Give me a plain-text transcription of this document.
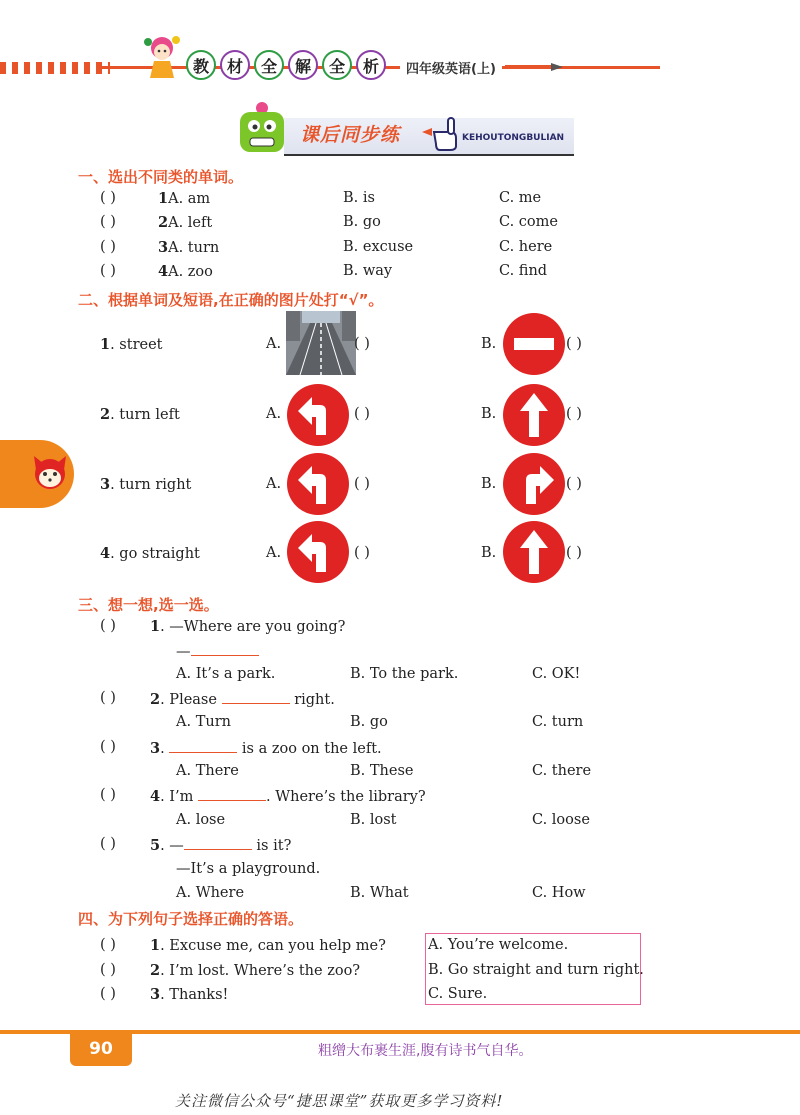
教	材	全	解	全	析	四年级英语(上)
课后同步练	KEHOUTONGBULIAN
一、选出不同类的单词。
( )	1A. am	B. is	C. me
( )	2A. left	B. go	C. come
( )	3A. turn	B. excuse	C. here
( )	4A. zoo	B. way	C. find
二、根据单词及短语,在正确的图片处打“√”。
1. street	A.	( )	B.	( )
2. turn left	A.	( )	B.	( )
3. turn right	A.	( )	B.	( )
4. go straight	A.	( )	B.	( )
三、想一想,选一选。
( ) 1. —Where are you going?
—
A. It’s a park.	B. To the park.	C. OK!
( ) 2. Please	right.
A. Turn	B. go	C. turn
( ) 3.	is a zoo on the left.
A. There	B. These	C. there
( ) 4. I’m	. Where’s the library?
A. lose	B. lost	C. loose
( ) 5. —	is it?
—It’s a playground.
A. Where	B. What	C. How
四、为下列句子选择正确的答语。
( ) 1. Excuse me, can you help me?
( ) 2. I’m lost. Where’s the zoo?
( ) 3. Thanks!
A. You’re welcome.
B. Go straight and turn right.
C. Sure.
90	粗缯大布裹生涯,腹有诗书气自华。
关注微信公众号“捷思课堂”获取更多学习资料!
